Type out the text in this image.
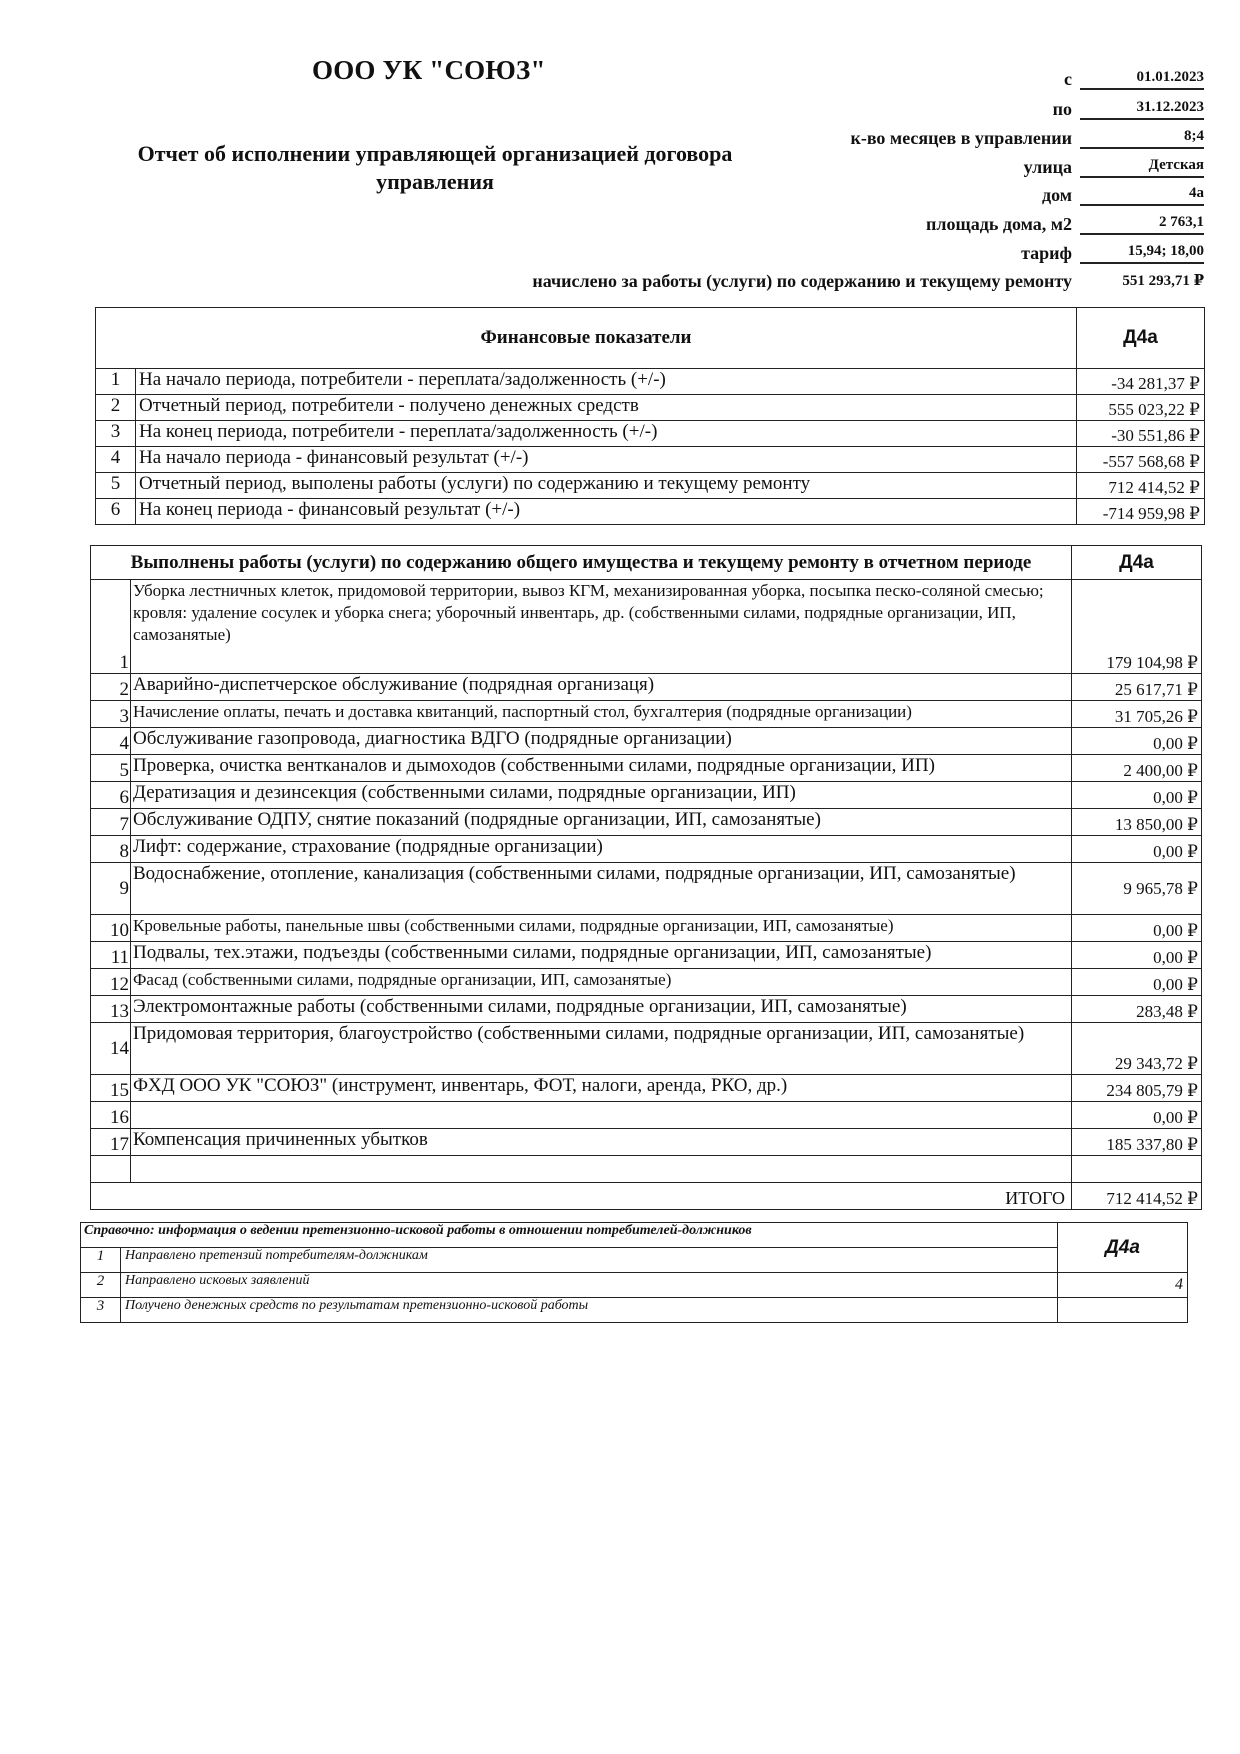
ООО УК "СОЮЗ"
Отчет об исполнении управляющей организацией договора управления
с	01.01.2023
по	31.12.2023
к-во месяцев в управлении	8;4
улица	Детская
дом	4а
площадь дома, м2	2 763,1
тариф	15,94; 18,00
начислено за работы (услуги) по содержанию и текущему ремонту	551 293,71 ₽
Финансовые показатели		Д4а
1	На начало периода, потребители - переплата/задолженность (+/-)	-34 281,37 ₽
2	Отчетный период, потребители - получено денежных средств	555 023,22 ₽
3	На конец периода, потребители - переплата/задолженность (+/-)	-30 551,86 ₽
4	На начало периода - финансовый результат (+/-)	-557 568,68 ₽
5	Отчетный период, выполены работы (услуги) по содержанию и текущему ремонту	712 414,52 ₽
6	На конец периода - финансовый результат (+/-)	-714 959,98 ₽
Выполнены работы (услуги) по содержанию общего имущества и текущему ремонту в отчетном периоде		Д4а
1	Уборка лестничных клеток, придомовой территории, вывоз КГМ, механизированная уборка, посыпка песко-соляной смесью; кровля: удаление сосулек и уборка снега; уборочный инвентарь, др. (собственными силами, подрядные организации, ИП, самозанятые)	179 104,98 ₽
2	Аварийно-диспетчерское обслуживание (подрядная организаця)	25 617,71 ₽
3	Начисление оплаты, печать и доставка квитанций, паспортный стол, бухгалтерия (подрядные организации)	31 705,26 ₽
4	Обслуживание газопровода, диагностика ВДГО (подрядные организации)	0,00 ₽
5	Проверка, очистка вентканалов и дымоходов (собственными силами, подрядные организации, ИП)	2 400,00 ₽
6	Дератизация и дезинсекция (собственными силами, подрядные организации, ИП)	0,00 ₽
7	Обслуживание ОДПУ, снятие показаний (подрядные организации, ИП, самозанятые)	13 850,00 ₽
8	Лифт: содержание, страхование (подрядные организации)	0,00 ₽
9	Водоснабжение, отопление, канализация (собственными силами, подрядные организации, ИП, самозанятые)	9 965,78 ₽
10	Кровельные работы, панельные швы (собственными силами, подрядные организации, ИП, самозанятые)	0,00 ₽
11	Подвалы, тех.этажи, подъезды (собственными силами, подрядные организации, ИП, самозанятые)	0,00 ₽
12	Фасад (собственными силами, подрядные организации, ИП, самозанятые)	0,00 ₽
13	Электромонтажные работы (собственными силами, подрядные организации, ИП, самозанятые)	283,48 ₽
14	Придомовая территория, благоустройство (собственными силами, подрядные организации, ИП, самозанятые)	29 343,72 ₽
15	ФХД ООО УК "СОЮЗ" (инструмент, инвентарь, ФОТ, налоги, аренда, РКО, др.)	234 805,79 ₽
16		0,00 ₽
17	Компенсация причиненных убытков	185 337,80 ₽

	ИТОГО	712 414,52 ₽
Справочно: информация о ведении претензионно-исковой работы в отношении потребителей-должников		Д4а
1	Направлено претензий потребителям-должникам	
2	Направлено исковых заявлений	4
3	Получено денежных средств по результатам претензионно-исковой работы	
